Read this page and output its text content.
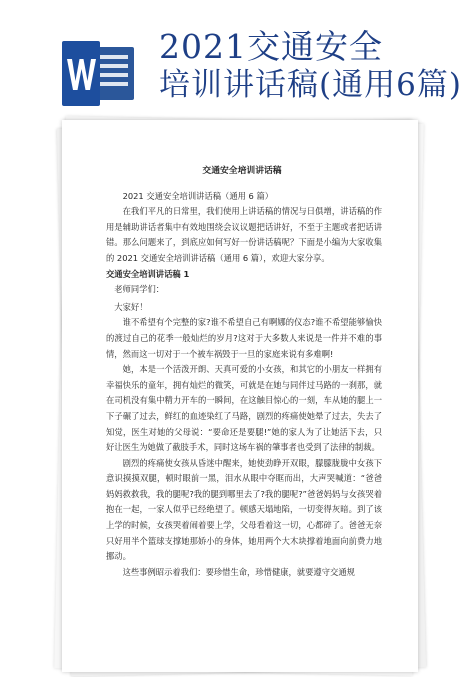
2021交通安全
培训讲话稿(通用6篇)
交通安全培训讲话稿

2021 交通安全培训讲话稿（通用 6 篇）

在我们平凡的日常里，我们使用上讲话稿的情况与日俱增，讲话稿的作用是辅助讲话者集中有效地围绕会议议题把话讲好，不至于主题或者把话讲错。那么问题来了，到底应如何写好一份讲话稿呢？下面是小编为大家收集的 2021 交通安全培训讲话稿（通用 6 篇），欢迎大家分享。

交通安全培训讲话稿 1

老师同学们：

大家好！

谁不希望有个完整的家?谁不希望自己有啊娜的仪态?谁不希望能够愉快的渡过自己的花季一般灿烂的岁月?这对于大多数人来说是一件并不难的事情，然而这一切对于一个被车祸毁于一旦的家庭来说有多难啊!

她，本是一个活泼开朗、天真可爱的小女孩，和其它的小朋友一样拥有幸福快乐的童年，拥有灿烂的微笑，可就是在她与同伴过马路的一刹那，就在司机没有集中精力开车的一瞬间，在这触目惊心的一刻，车从她的腿上一下子碾了过去，鲜红的血迹染红了马路，剧烈的疼痛使她晕了过去，失去了知觉，医生对她的父母说：“要命还是要腿!”她的家人为了让她活下去，只好让医生为她做了截肢手术，同时这场车祸的肇事者也受到了法律的制裁。

剧烈的疼痛使女孩从昏迷中醒来，她使劲睁开双眼，朦朦胧胧中女孩下意识摸摸双腿，顿时眼前一黑，泪水从眼中夺眶而出，大声哭喊道：“爸爸妈妈救救我，我的腿呢?我的腿到哪里去了?我的腿呢?”爸爸妈妈与女孩哭着抱在一起，一家人似乎已经绝望了。顿感天塌地陷，一切变得灰暗。到了该上学的时候，女孩哭着闹着要上学，父母看着这一切，心都碎了。爸爸无奈只好用半个篮球支撑她那娇小的身体，她用两个大木块撑着地面向前费力地挪动。

这些事例昭示着我们：要珍惜生命，珍惜健康，就要遵守交通规
